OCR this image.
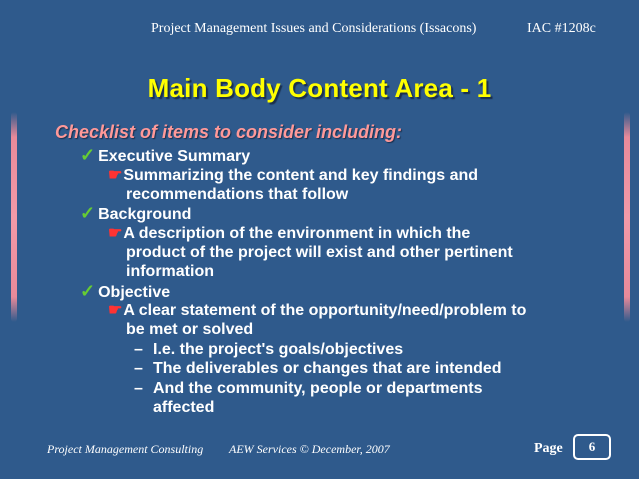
Project Management Issues and Considerations (Issacons)	IAC #1208c
Main Body Content Area - 1
Checklist of items to consider including:
✓ Executive Summary
☛Summarizing the content and key findings and
recommendations that follow
✓ Background
☛A description of the environment in which the
product of the project will exist and other pertinent
information
✓ Objective
☛A clear statement of the opportunity/need/problem to
be met or solved
– I.e. the project's goals/objectives
– The deliverables or changes that are intended
– And the community, people or departments
affected
Project Management Consulting AEW Services © December, 2007	Page	6
